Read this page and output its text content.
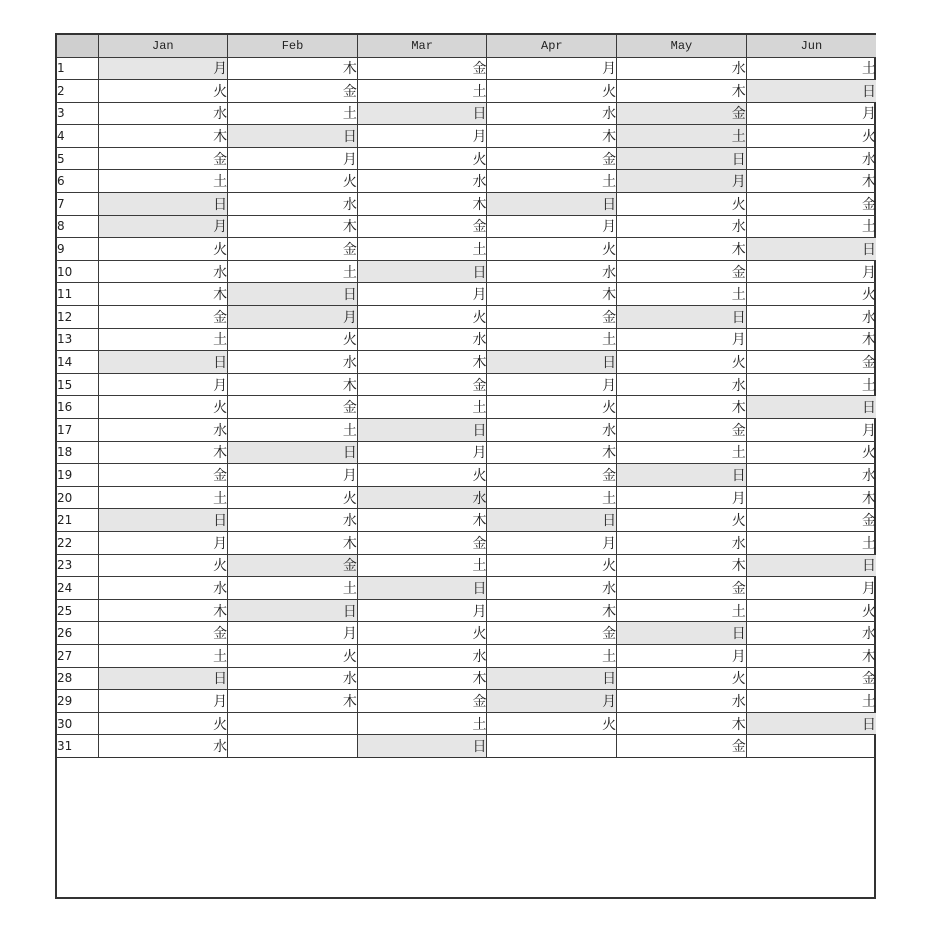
	Jan	Feb	Mar	Apr	May	Jun
1	月	木	金	月	水	土
2	火	金	土	火	木	日
3	水	土	日	水	金	月
4	木	日	月	木	土	火
5	金	月	火	金	日	水
6	土	火	水	土	月	木
7	日	水	木	日	火	金
8	月	木	金	月	水	土
9	火	金	土	火	木	日
10	水	土	日	水	金	月
11	木	日	月	木	土	火
12	金	月	火	金	日	水
13	土	火	水	土	月	木
14	日	水	木	日	火	金
15	月	木	金	月	水	土
16	火	金	土	火	木	日
17	水	土	日	水	金	月
18	木	日	月	木	土	火
19	金	月	火	金	日	水
20	土	火	水	土	月	木
21	日	水	木	日	火	金
22	月	木	金	月	水	土
23	火	金	土	火	木	日
24	水	土	日	水	金	月
25	木	日	月	木	土	火
26	金	月	火	金	日	水
27	土	火	水	土	月	木
28	日	水	木	日	火	金
29	月	木	金	月	水	土
30	火		土	火	木	日
31	水		日		金	
